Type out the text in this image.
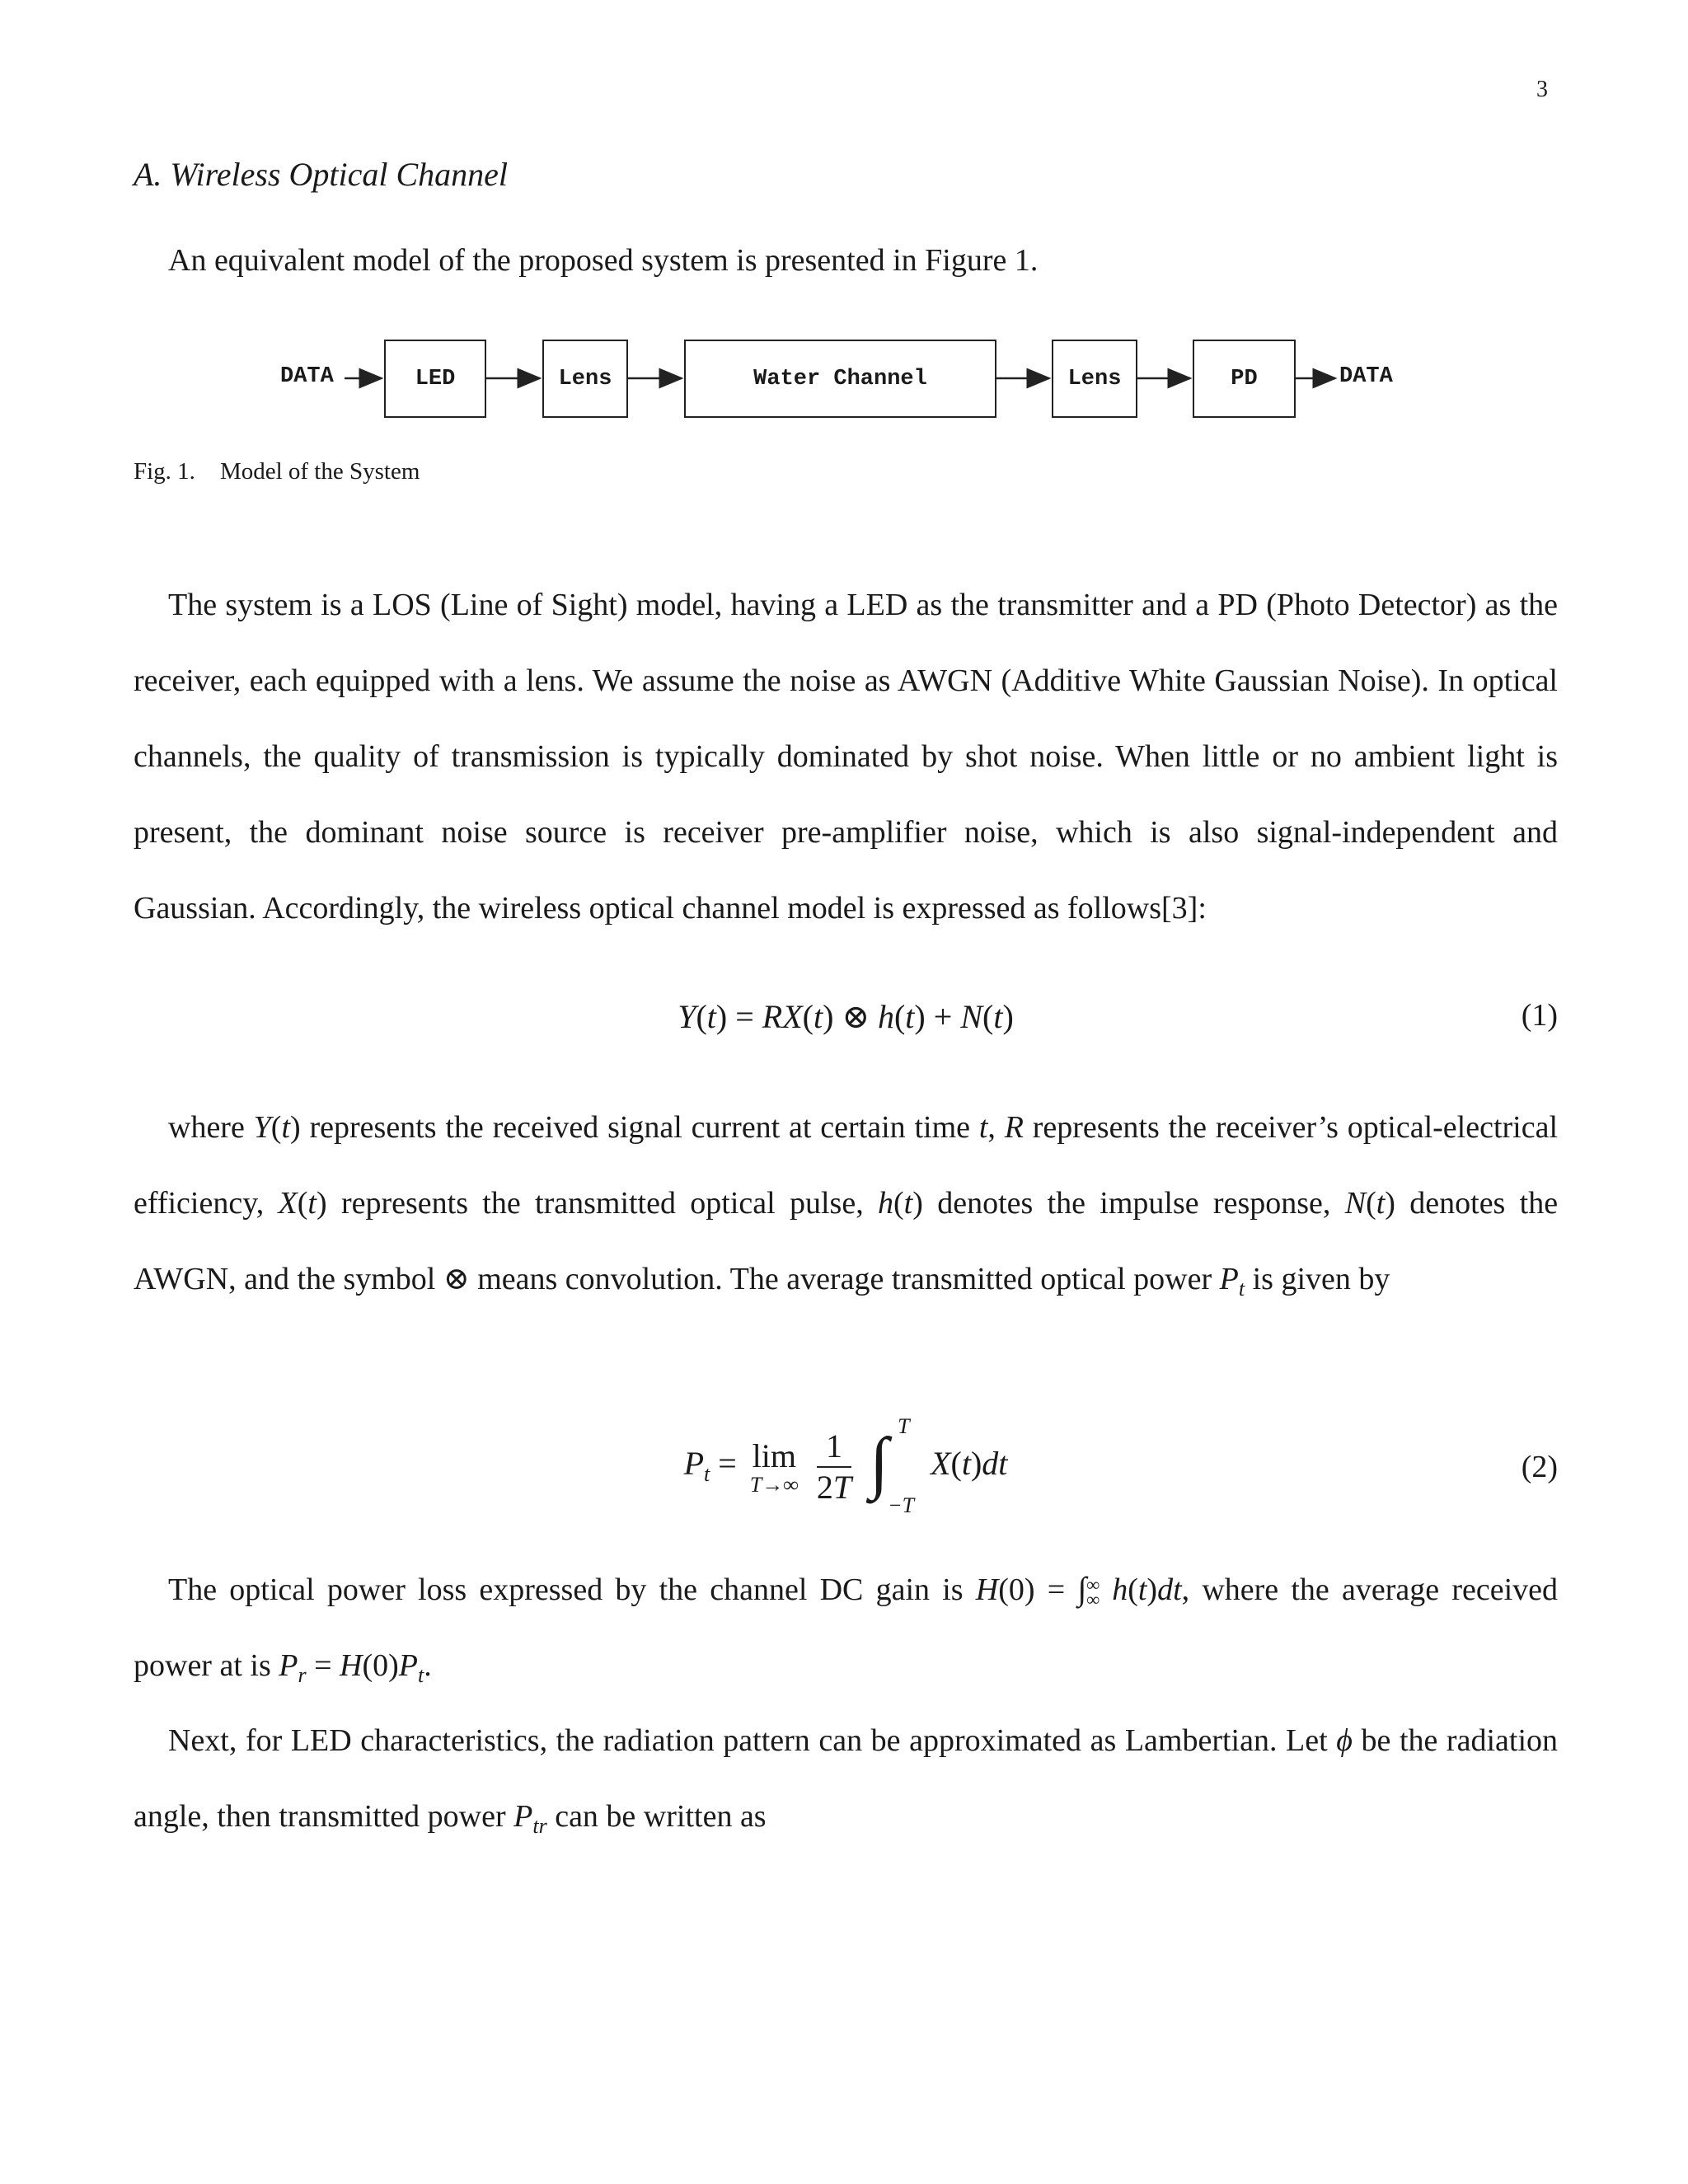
3
A. Wireless Optical Channel

An equivalent model of the proposed system is presented in Figure 1.

DATA	LED	Lens	Water Channel	Lens	PD	DATA
Fig. 1. Model of the System

The system is a LOS (Line of Sight) model, having a LED as the transmitter and a PD (Photo Detector) as the receiver, each equipped with a lens. We assume the noise as AWGN (Additive White Gaussian Noise). In optical channels, the quality of transmission is typically dominated by shot noise. When little or no ambient light is present, the dominant noise source is receiver pre-amplifier noise, which is also signal-independent and Gaussian. Accordingly, the wireless optical channel model is expressed as follows[3]:

Y(t) = RX(t) ⊗ h(t) + N(t)	(1)

where Y(t) represents the received signal current at certain time t, R represents the receiver’s optical-electrical efficiency, X(t) represents the transmitted optical pulse, h(t) denotes the impulse response, N(t) denotes the AWGN, and the symbol ⊗ means convolution. The average transmitted optical power $P_t$ is given by

$P_t = \lim$
T→∞
$\frac{1}{2T}$
∫ T
−T
X(t)dt	(2)

The optical power loss expressed by the channel DC gain is H(0) = ∫∞
∞ h(t)dt, where the average received power at is $P_r = H(0)P_t$.

Next, for LED characteristics, the radiation pattern can be approximated as Lambertian. Let ϕ be the radiation angle, then transmitted power $P_{tr}$ can be written as
